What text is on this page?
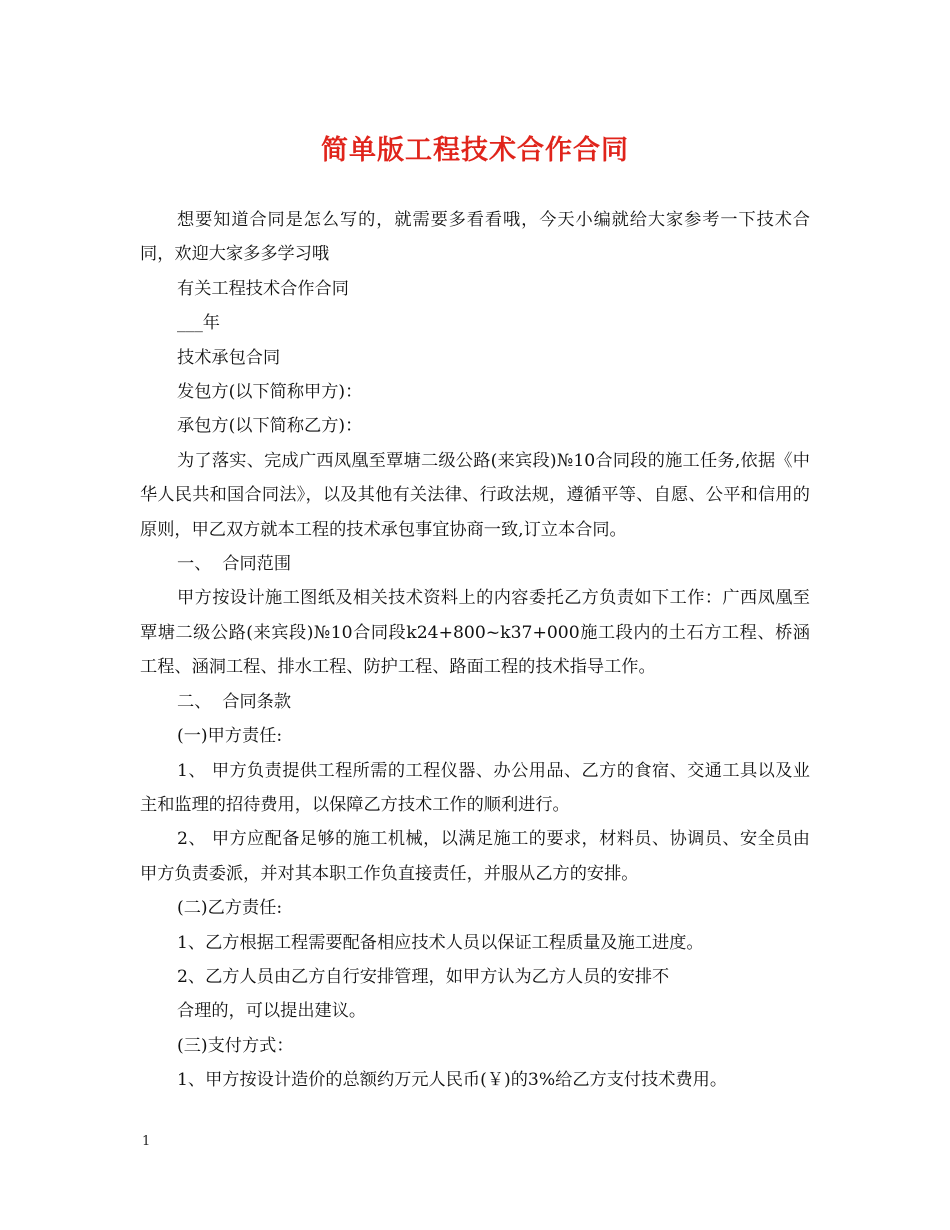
简单版工程技术合作合同

想要知道合同是怎么写的，就需要多看看哦，今天小编就给大家参考一下技术合同，欢迎大家多多学习哦

有关工程技术合作合同

___年

技术承包合同

发包方(以下简称甲方)：

承包方(以下简称乙方)：

为了落实、完成广西凤凰至覃塘二级公路(来宾段)№10合同段的施工任务,依据《中华人民共和国合同法》，以及其他有关法律、行政法规，遵循平等、自愿、公平和信用的原则，甲乙双方就本工程的技术承包事宜协商一致,订立本合同。

一、  合同范围

甲方按设计施工图纸及相关技术资料上的内容委托乙方负责如下工作：广西凤凰至覃塘二级公路(来宾段)№10合同段k24+800~k37+000施工段内的土石方工程、桥涵工程、涵洞工程、排水工程、防护工程、路面工程的技术指导工作。

二、  合同条款

(一)甲方责任:

1、 甲方负责提供工程所需的工程仪器、办公用品、乙方的食宿、交通工具以及业主和监理的招待费用，以保障乙方技术工作的顺利进行。

2、 甲方应配备足够的施工机械，以满足施工的要求，材料员、协调员、安全员由甲方负责委派，并对其本职工作负直接责任，并服从乙方的安排。

(二)乙方责任:

1、乙方根据工程需要配备相应技术人员以保证工程质量及施工进度。

2、乙方人员由乙方自行安排管理，如甲方认为乙方人员的安排不

合理的，可以提出建议。

(三)支付方式：

1、甲方按设计造价的总额约万元人民币(￥)的3%给乙方支付技术费用。

1
